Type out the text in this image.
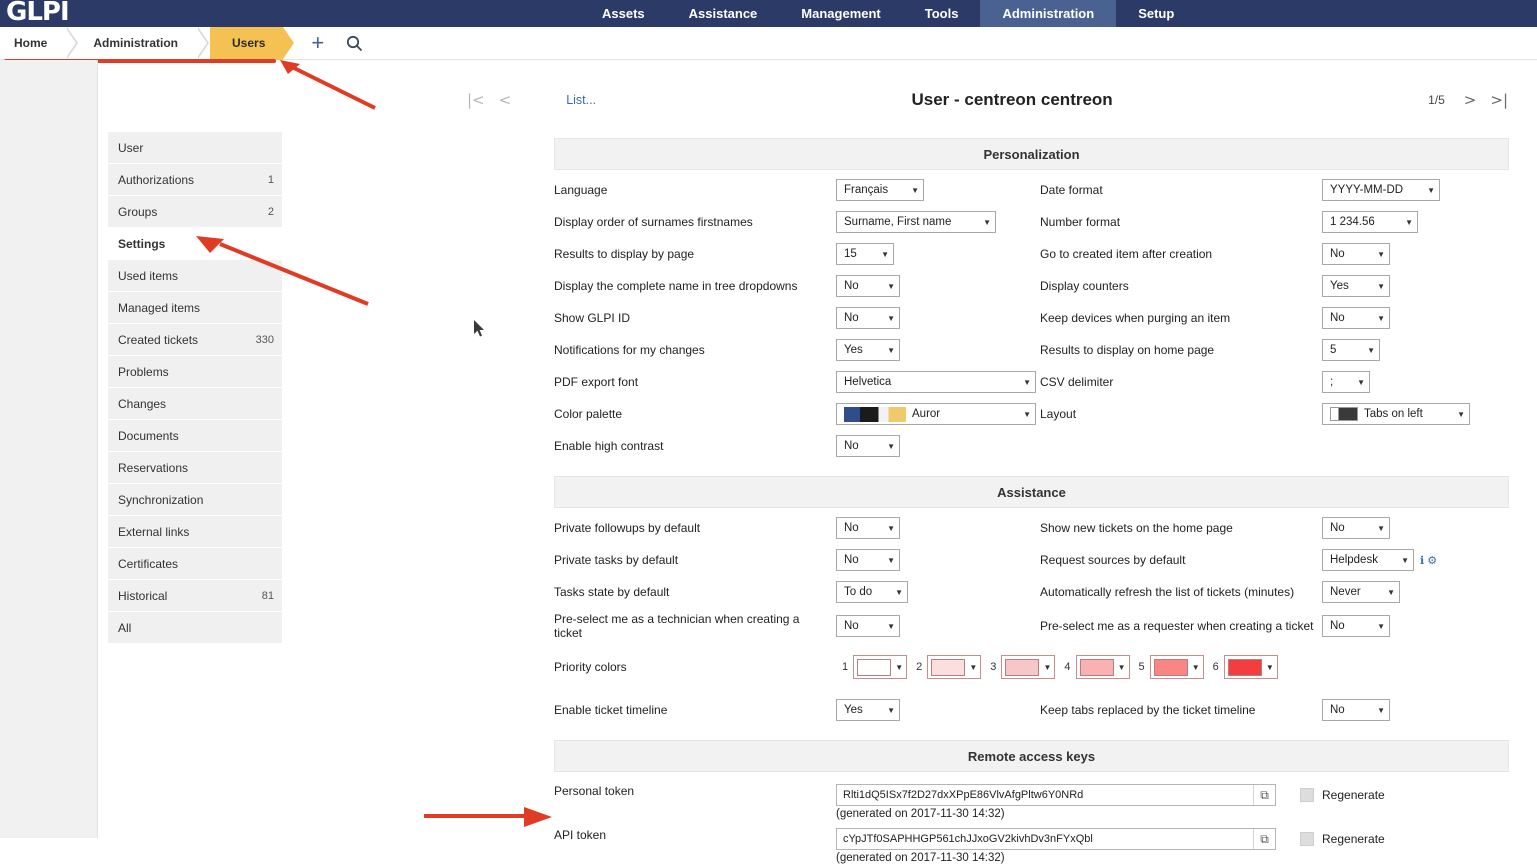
GLPI	Assets	Assistance	Management	Tools	Administration	Setup
Home	Administration	Users +
User
Authorizations	1
Groups	2
Settings
Used items
Managed items
Created tickets	330
Problems
Changes
Documents
Reservations
Synchronization
External links
Certificates
Historical	81
All
|< <	List...	User - centreon centreon	1/5	> >|
Personalization
Language	Français	▼	Date format	YYYY-MM-DD	▼
Display order of surnames firstnames	Surname, First name	▼	Number format	1 234.56	▼
Results to display by page	15	▼	Go to created item after creation	No	▼
Display the complete name in tree dropdowns	No	▼	Display counters	Yes	▼
Show GLPI ID	No	▼	Keep devices when purging an item	No	▼
Notifications for my changes	Yes	▼	Results to display on home page	5	▼
PDF export font	Helvetica	▼ CSV delimiter	;	▼
Color palette	Auror	▼ Layout	Tabs on left	▼
Enable high contrast	No	▼
Assistance
Private followups by default	No	▼	Show new tickets on the home page	No	▼
Private tasks by default	No	▼	Request sources by default	Helpdesk	▼ ℹ ⚙
Tasks state by default	To do	▼	Automatically refresh the list of tickets (minutes)	Never	▼
Pre-select me as a technician when creating a ticket	No	▼	Pre-select me as a requester when creating a ticket	No	▼
Priority colors	1	▼ 2	▼ 3	▼ 4	▼ 5	▼ 6	▼
Enable ticket timeline	Yes	▼	Keep tabs replaced by the ticket timeline	No	▼
Remote access keys
Personal token	Rlti1dQ5ISx7f2D27dxXPpE86VlvAfgPltw6Y0NRd	⧉	Regenerate
(generated on 2017-11-30 14:32)
API token	cYpJTf0SAPHHGP561chJJxoGV2kivhDv3nFYxQbl	⧉	Regenerate
(generated on 2017-11-30 14:32)
